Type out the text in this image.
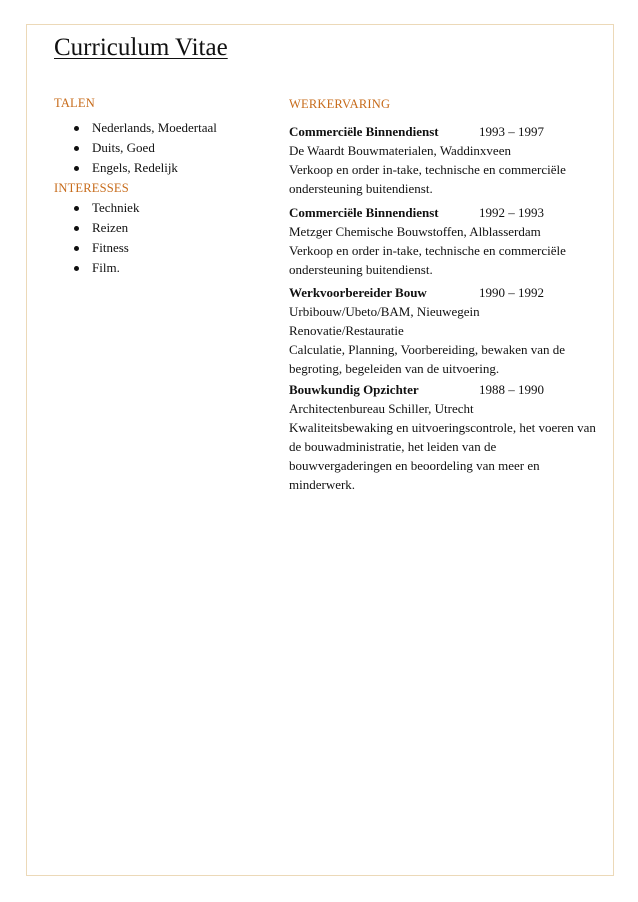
Curriculum Vitae
TALEN
Nederlands, Moedertaal
Duits, Goed
Engels, Redelijk
INTERESSES
Techniek
Reizen
Fitness
Film.
WERKERVARING
Commerciële Binnendienst	1993 – 1997
De Waardt Bouwmaterialen, Waddinxveen
Verkoop en order in-take, technische en commerciële ondersteuning buitendienst.
Commerciële Binnendienst	1992 – 1993
Metzger Chemische Bouwstoffen, Alblasserdam
Verkoop en order in-take, technische en commerciële ondersteuning buitendienst.
Werkvoorbereider Bouw	1990 – 1992
Urbibouw/Ubeto/BAM, Nieuwegein
Renovatie/Restauratie
Calculatie, Planning, Voorbereiding, bewaken van de begroting, begeleiden van de uitvoering.
Bouwkundig Opzichter	1988 – 1990
Architectenbureau Schiller, Utrecht
Kwaliteitsbewaking en uitvoeringscontrole, het voeren van de bouwadministratie, het leiden van de bouwvergaderingen en beoordeling van meer en minderwerk.
